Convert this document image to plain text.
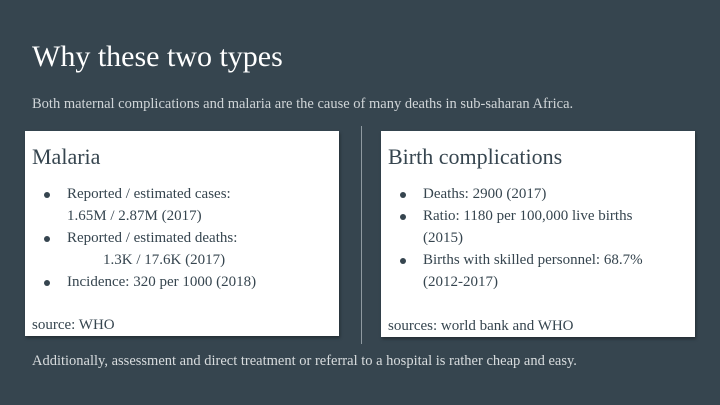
Why these two types
Both maternal complications and malaria are the cause of many deaths in sub-saharan Africa.
Malaria
Reported / estimated cases:
1.65M / 2.87M (2017)
Reported / estimated deaths:
1.3K / 17.6K (2017)
Incidence: 320 per 1000 (2018)
source: WHO
Birth complications
Deaths: 2900 (2017)
Ratio: 1180 per 100,000 live births
(2015)
Births with skilled personnel: 68.7%
(2012-2017)
sources: world bank and WHO
Additionally, assessment and direct treatment or referral to a hospital is rather cheap and easy.
